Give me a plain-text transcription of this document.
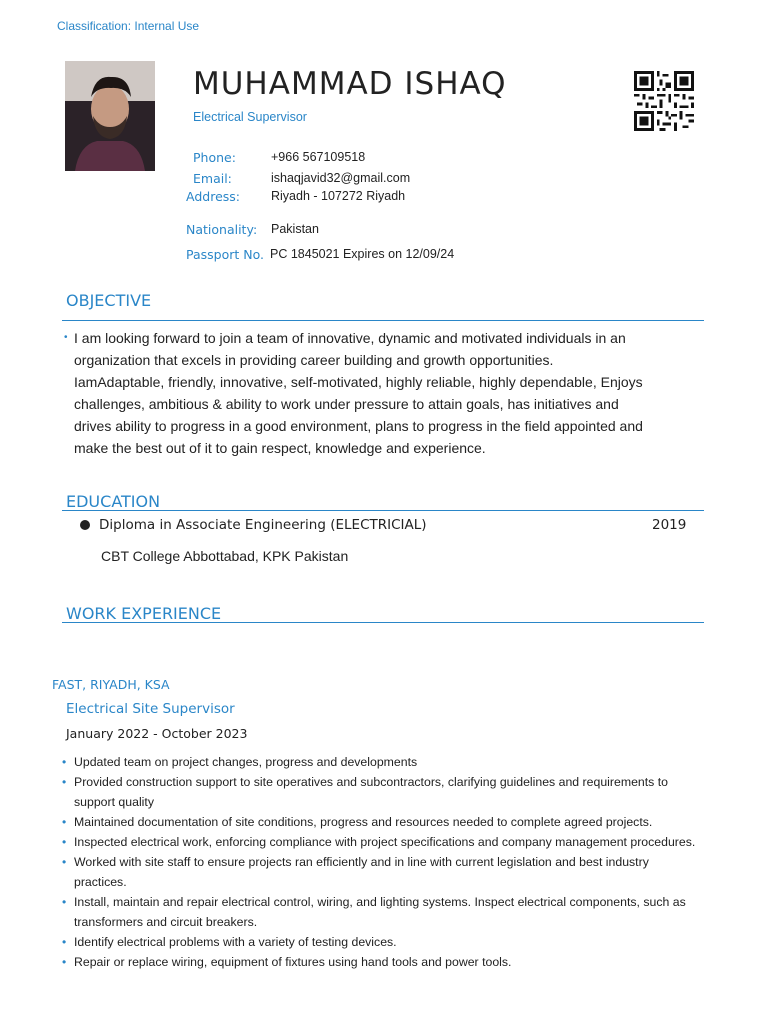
Classification: Internal Use
MUHAMMAD ISHAQ
Electrical Supervisor
Phone:	+966 567109518
Email:	ishaqjavid32@gmail.com
Address: Riyadh - 107272 Riyadh
Nationality: Pakistan
Passport No. PC 1845021 Expires on 12/09/24
OBJECTIVE
• I am looking forward to join a team of innovative, dynamic and motivated individuals in an organization that excels in providing career building and growth opportunities. IamAdaptable, friendly, innovative, self-motivated, highly reliable, highly dependable, Enjoys challenges, ambitious & ability to work under pressure to attain goals, has initiatives and drives ability to progress in a good environment, plans to progress in the field appointed and make the best out of it to gain respect, knowledge and experience.
EDUCATION
Diploma in Associate Engineering (ELECTRICIAL)	2019
CBT College Abbottabad, KPK Pakistan
WORK EXPERIENCE
FAST, RIYADH, KSA
Electrical Site Supervisor
January 2022 - October 2023
• Updated team on project changes, progress and developments
• Provided construction support to site operatives and subcontractors, clarifying guidelines and requirements to support quality
• Maintained documentation of site conditions, progress and resources needed to complete agreed projects.
• Inspected electrical work, enforcing compliance with project specifications and company management procedures.
• Worked with site staff to ensure projects ran efficiently and in line with current legislation and best industry practices.
• Install, maintain and repair electrical control, wiring, and lighting systems. Inspect electrical components, such as transformers and circuit breakers.
• Identify electrical problems with a variety of testing devices.
• Repair or replace wiring, equipment of fixtures using hand tools and power tools.
